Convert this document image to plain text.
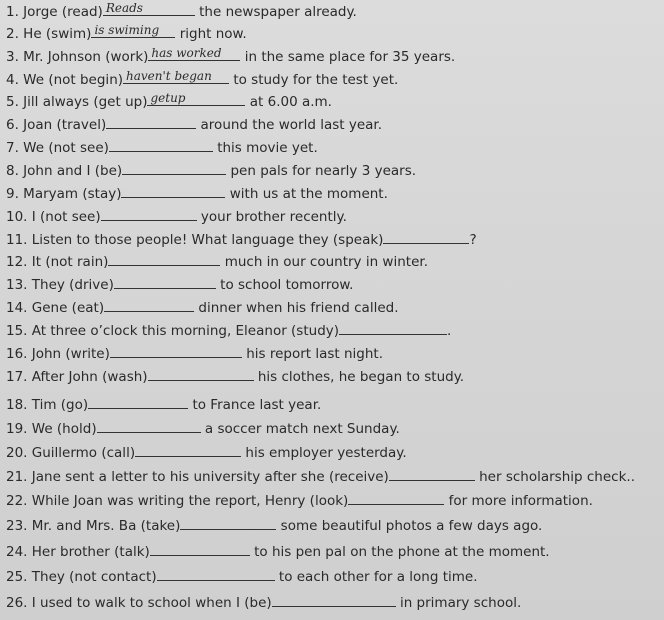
1. Jorge (read) Reads	the newspaper already.
2. He (swim) is swiming right now.
3. Mr. Johnson (work) has worked in the same place for 35 years.
4. We (not begin) haven't began to study for the test yet.
5. Jill always (get up) getup	at 6.00 a.m.
6. Joan (travel)	around the world last year.
7. We (not see)	this movie yet.
8. John and I (be)	pen pals for nearly 3 years.
9. Maryam (stay)	with us at the moment.
10. I (not see)	your brother recently.
11. Listen to those people! What language they (speak)	?
12. It (not rain)	much in our country in winter.
13. They (drive)	to school tomorrow.
14. Gene (eat)	dinner when his friend called.
15. At three o’clock this morning, Eleanor (study)	.
16. John (write)	his report last night.
17. After John (wash)	his clothes, he began to study.
18. Tim (go)	to France last year.
19. We (hold)	a soccer match next Sunday.
20. Guillermo (call)	his employer yesterday.
21. Jane sent a letter to his university after she (receive)	her scholarship check..
22. While Joan was writing the report, Henry (look)	for more information.
23. Mr. and Mrs. Ba (take)	some beautiful photos a few days ago.
24. Her brother (talk)	to his pen pal on the phone at the moment.
25. They (not contact)	to each other for a long time.
26. I used to walk to school when I (be)	in primary school.
